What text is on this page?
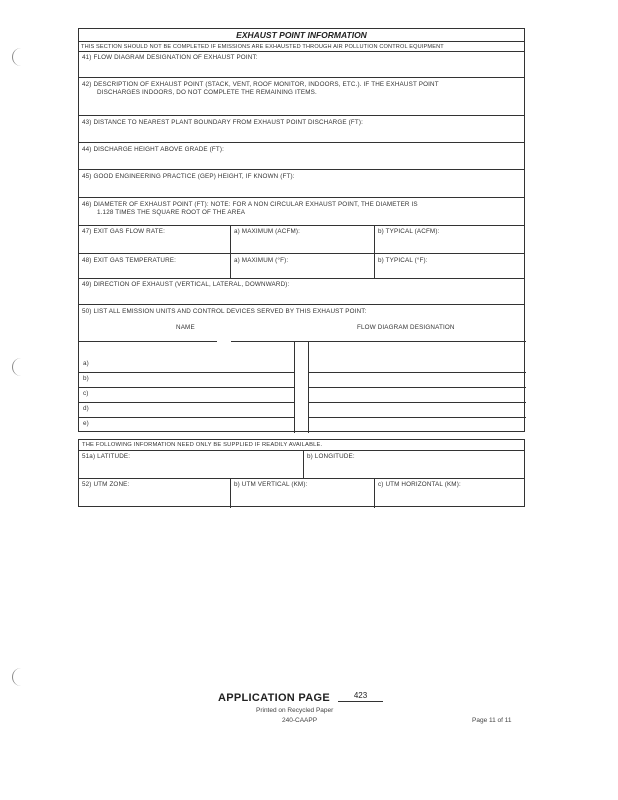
EXHAUST POINT INFORMATION
THIS SECTION SHOULD NOT BE COMPLETED IF EMISSIONS ARE EXHAUSTED THROUGH AIR POLLUTION CONTROL EQUIPMENT
41) FLOW DIAGRAM DESIGNATION OF EXHAUST POINT:
42) DESCRIPTION OF EXHAUST POINT (STACK, VENT, ROOF MONITOR, INDOORS, ETC.). IF THE EXHAUST POINT
DISCHARGES INDOORS, DO NOT COMPLETE THE REMAINING ITEMS.
43) DISTANCE TO NEAREST PLANT BOUNDARY FROM EXHAUST POINT DISCHARGE (FT):
44) DISCHARGE HEIGHT ABOVE GRADE (FT):
45) GOOD ENGINEERING PRACTICE (GEP) HEIGHT, IF KNOWN (FT):
46) DIAMETER OF EXHAUST POINT (FT): NOTE: FOR A NON CIRCULAR EXHAUST POINT, THE DIAMETER IS
1.128 TIMES THE SQUARE ROOT OF THE AREA
47) EXIT GAS FLOW RATE:	a) MAXIMUM (ACFM):	b) TYPICAL (ACFM):
48) EXIT GAS TEMPERATURE:	a) MAXIMUM (°F):	b) TYPICAL (°F):
49) DIRECTION OF EXHAUST (VERTICAL, LATERAL, DOWNWARD):
50) LIST ALL EMISSION UNITS AND CONTROL DEVICES SERVED BY THIS EXHAUST POINT:
NAME	FLOW DIAGRAM DESIGNATION
a)
b)
c)
d)
e)
THE FOLLOWING INFORMATION NEED ONLY BE SUPPLIED IF READILY AVAILABLE.
51a) LATITUDE:	b) LONGITUDE:
52) UTM ZONE:	b) UTM VERTICAL (KM):	c) UTM HORIZONTAL (KM):
APPLICATION PAGE	423
Printed on Recycled Paper
240-CAAPP	Page 11 of 11
